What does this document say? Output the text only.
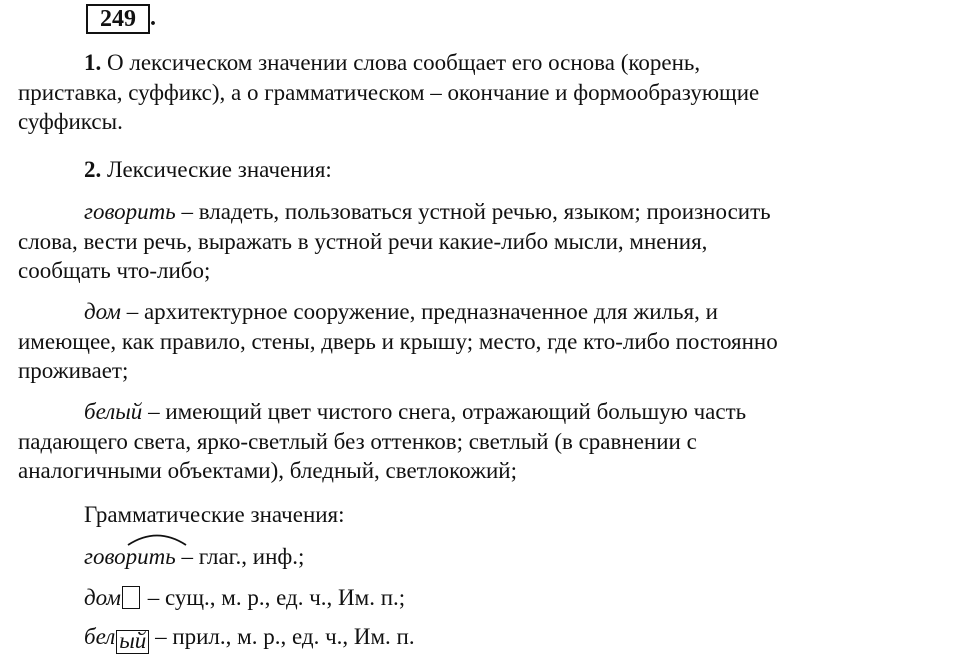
249 .
1. О лексическом значении слова сообщает его основа (корень,
приставка, суффикс), а о грамматическом – окончание и формообразующие
суффиксы.
2. Лексические значения:
говорить – владеть, пользоваться устной речью, языком; произносить
слова, вести речь, выражать в устной речи какие-либо мысли, мнения,
сообщать что-либо;
дом – архитектурное сооружение, предназначенное для жилья, и
имеющее, как правило, стены, дверь и крышу; место, где кто-либо постоянно
проживает;
белый – имеющий цвет чистого снега, отражающий большую часть
падающего света, ярко-светлый без оттенков; светлый (в сравнении с
аналогичными объектами), бледный, светлокожий;
Грамматические значения:
говорить – глаг., инф.;
дом – сущ., м. р., ед. ч., Им. п.;
бел ый – прил., м. р., ед. ч., Им. п.
